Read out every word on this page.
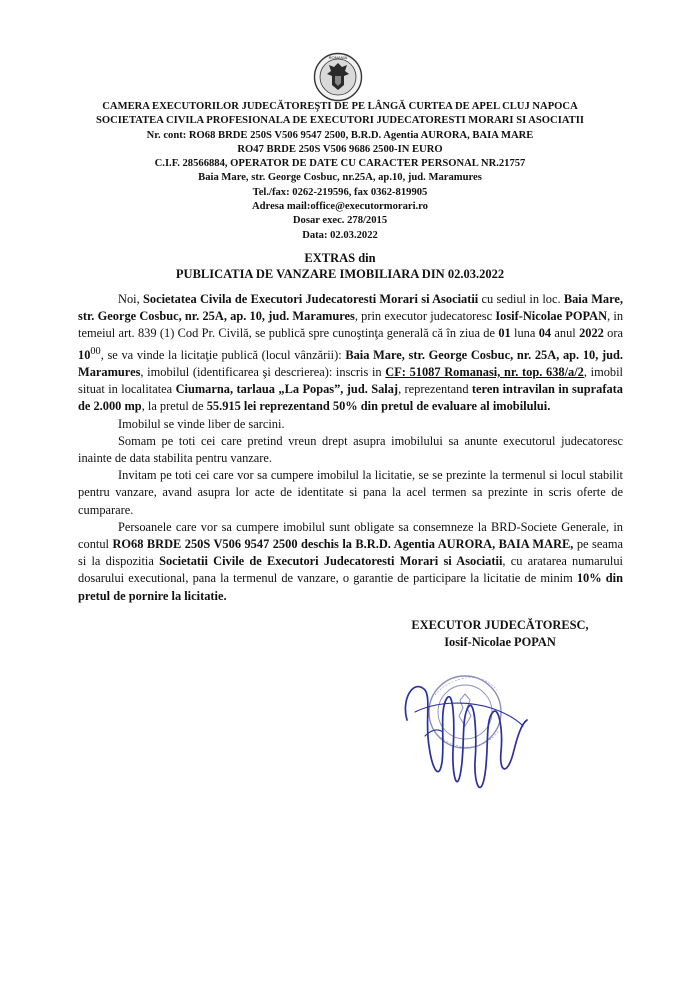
ROMANIA
CAMERA EXECUTORILOR JUDECĂTOREŞTI DE PE LÂNGĂ CURTEA DE APEL CLUJ NAPOCA
SOCIETATEA CIVILA PROFESIONALA DE EXECUTORI JUDECATORESTI MORARI SI ASOCIATII
Nr. cont: RO68 BRDE 250S V506 9547 2500, B.R.D. Agentia AURORA, BAIA MARE
RO47 BRDE 250S V506 9686 2500-IN EURO
C.I.F. 28566884, OPERATOR DE DATE CU CARACTER PERSONAL NR.21757
Baia Mare, str. George Cosbuc, nr.25A, ap.10, jud. Maramures
Tel./fax: 0262-219596, fax 0362-819905
Adresa mail:office@executormorari.ro
Dosar exec. 278/2015
Data: 02.03.2022
EXTRAS din
PUBLICATIA DE VANZARE IMOBILIARA DIN 02.03.2022

Noi, Societatea Civila de Executori Judecatoresti Morari si Asociatii cu sediul in loc. Baia Mare, str. George Cosbuc, nr. 25A, ap. 10, jud. Maramures, prin executor judecatoresc Iosif-Nicolae POPAN, in temeiul art. 839 (1) Cod Pr. Civilă, se publică spre cunoştinţa generală că în ziua de 01 luna 04 anul 2022 ora $10^{00}$, se va vinde la licitaţie publică (locul vânzării): Baia Mare, str. George Cosbuc, nr. 25A, ap. 10, jud. Maramures, imobilul (identificarea şi descrierea): inscris in CF: 51087 Romanasi, nr. top. 638/a/2, imobil situat in localitatea Ciumarna, tarlaua „La Popas”, jud. Salaj, reprezentand teren intravilan in suprafata de 2.000 mp, la pretul de 55.915 lei reprezentand 50% din pretul de evaluare al imobilului.

Imobilul se vinde liber de sarcini.

Somam pe toti cei care pretind vreun drept asupra imobilului sa anunte executorul judecatoresc inainte de data stabilita pentru vanzare.

Invitam pe toti cei care vor sa cumpere imobilul la licitatie, se se prezinte la termenul si locul stabilit pentru vanzare, avand asupra lor acte de identitate si pana la acel termen sa prezinte in scris oferte de cumparare.

Persoanele care vor sa cumpere imobilul sunt obligate sa consemneze la BRD-Societe Generale, in contul RO68 BRDE 250S V506 9547 2500 deschis la B.R.D. Agentia AURORA, BAIA MARE, pe seama si la dispozitia Societatii Civile de Executori Judecatoresti Morari si Asociatii, cu aratarea numarului dosarului executional, pana la termenul de vanzare, o garantie de participare la licitatie de minim 10% din pretul de pornire la licitatie.

EXECUTOR JUDECĂTORESC,
Iosif-Nicolae POPAN
